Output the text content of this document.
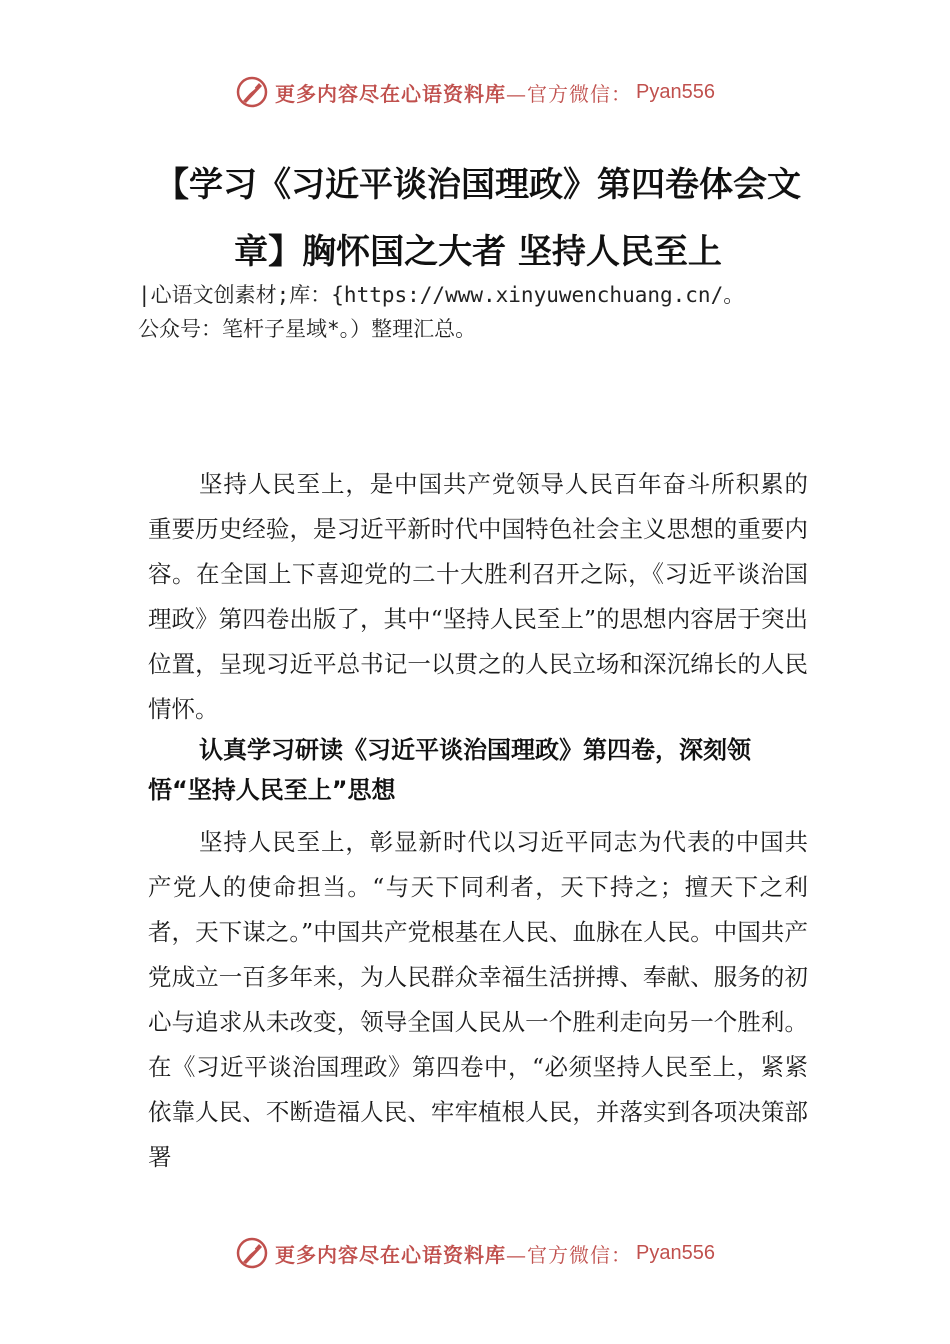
更多内容尽在心语资料库 —官方微信： Pyan556
【学习《习近平谈治国理政》第四卷体会文
章】胸怀国之大者 坚持人民至上
|心语文创素材;库：{https://www.xinyuwenchuang.cn/。
公众号：笔杆子星域*。）整理汇总。
坚持人民至上，是中国共产党领导人民百年奋斗所积累的重要历史经验，是习近平新时代中国特色社会主义思想的重要内容。在全国上下喜迎党的二十大胜利召开之际，《习近平谈治国理政》第四卷出版了，其中“坚持人民至上”的思想内容居于突出位置，呈现习近平总书记一以贯之的人民立场和深沉绵长的人民情怀。
认真学习研读《习近平谈治国理政》第四卷，深刻领悟“坚持人民至上”思想
坚持人民至上，彰显新时代以习近平同志为代表的中国共产党人的使命担当。“与天下同利者，天下持之；擅天下之利者，天下谋之。”中国共产党根基在人民、血脉在人民。中国共产党成立一百多年来，为人民群众幸福生活拼搏、奉献、服务的初心与追求从未改变，领导全国人民从一个胜利走向另一个胜利。在《习近平谈治国理政》第四卷中，“必须坚持人民至上，紧紧依靠人民、不断造福人民、牢牢植根人民，并落实到各项决策部署
更多内容尽在心语资料库 —官方微信： Pyan556
